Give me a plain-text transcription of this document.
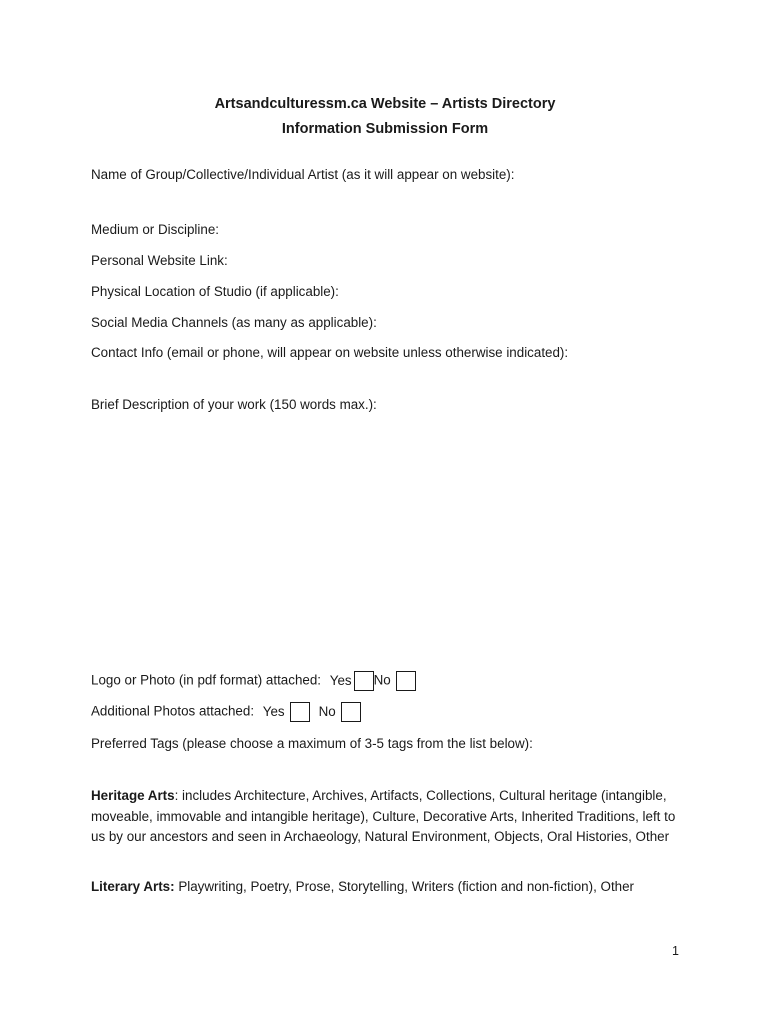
Artsandculturessm.ca Website – Artists Directory
Information Submission Form
Name of Group/Collective/Individual Artist (as it will appear on website):
Medium or Discipline:
Personal Website Link:
Physical Location of Studio (if applicable):
Social Media Channels (as many as applicable):
Contact Info (email or phone, will appear on website unless otherwise indicated):
Brief Description of your work (150 words max.):
Logo or Photo (in pdf format) attached: Yes No
Additional Photos attached: Yes	No
Preferred Tags (please choose a maximum of 3-5 tags from the list below):
Heritage Arts: includes Architecture, Archives, Artifacts, Collections, Cultural heritage (intangible, moveable, immovable and intangible heritage), Culture, Decorative Arts, Inherited Traditions, left to us by our ancestors and seen in Archaeology, Natural Environment, Objects, Oral Histories, Other
Literary Arts: Playwriting, Poetry, Prose, Storytelling, Writers (fiction and non-fiction), Other
1
